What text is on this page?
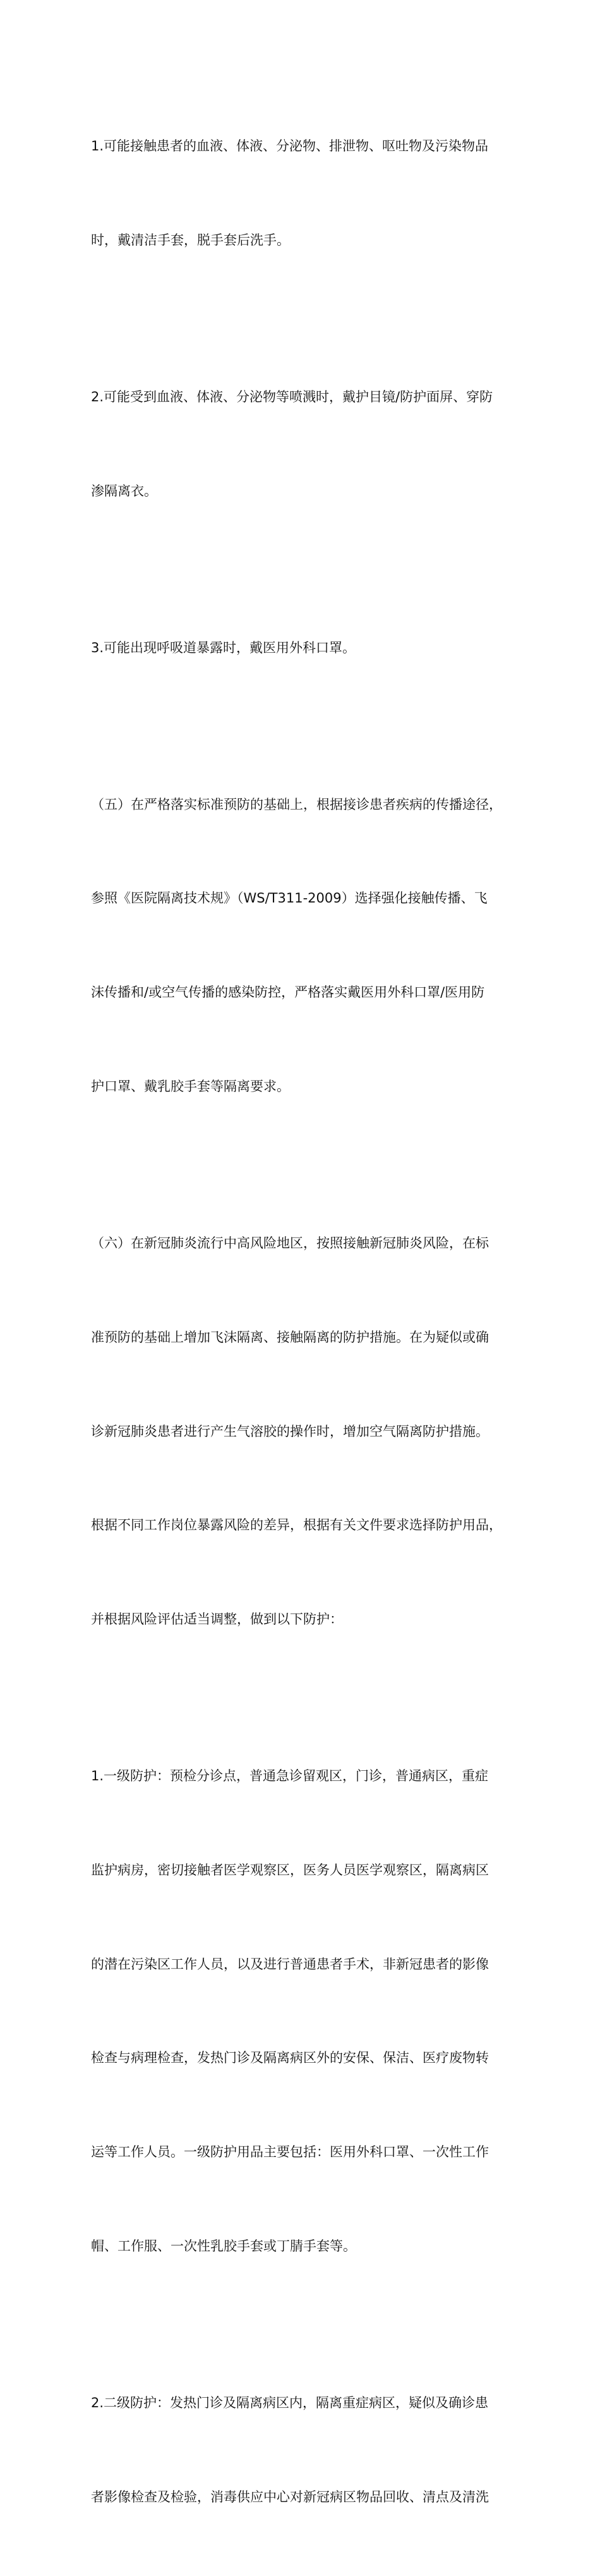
1.可能接触患者的血液、体液、分泌物、排泄物、呕吐物及污染物品

时，戴清洁手套，脱手套后洗手。

2.可能受到血液、体液、分泌物等喷溅时，戴护目镜/防护面屏、穿防

渗隔离衣。

3.可能出现呼吸道暴露时，戴医用外科口罩。

（五）在严格落实标准预防的基础上，根据接诊患者疾病的传播途径，

参照《医院隔离技术规》（WS/T311-2009）选择强化接触传播、飞

沫传播和/或空气传播的感染防控，严格落实戴医用外科口罩/医用防

护口罩、戴乳胶手套等隔离要求。

（六）在新冠肺炎流行中高风险地区，按照接触新冠肺炎风险，在标

准预防的基础上增加飞沫隔离、接触隔离的防护措施。在为疑似或确

诊新冠肺炎患者进行产生气溶胶的操作时，增加空气隔离防护措施。

根据不同工作岗位暴露风险的差异，根据有关文件要求选择防护用品，

并根据风险评估适当调整，做到以下防护：

1.一级防护：预检分诊点，普通急诊留观区，门诊，普通病区，重症

监护病房，密切接触者医学观察区，医务人员医学观察区，隔离病区

的潜在污染区工作人员，以及进行普通患者手术，非新冠患者的影像

检查与病理检查，发热门诊及隔离病区外的安保、保洁、医疗废物转

运等工作人员。一级防护用品主要包括：医用外科口罩、一次性工作

帽、工作服、一次性乳胶手套或丁腈手套等。

2.二级防护：发热门诊及隔离病区内，隔离重症病区，疑似及确诊患

者影像检查及检验，消毒供应中心对新冠病区物品回收、清点及清洗
